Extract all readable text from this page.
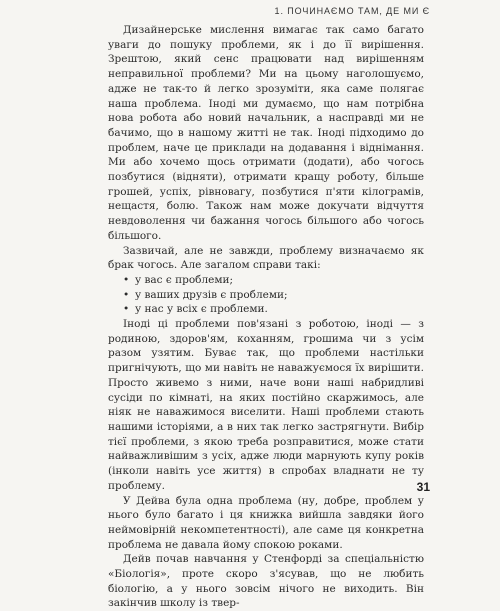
1. ПОЧИНАЄМО ТАМ, ДЕ МИ Є

Дизайнерське мислення вимагає так само багато уваги до пошуку проблеми, як і до її вирішення. Зрештою, який сенс працювати над вирішенням неправильної проблеми? Ми на цьому наголошуємо, адже не так-то й легко зрозуміти, яка саме полягає наша проблема. Іноді ми думаємо, що нам потрібна нова робота або новий начальник, а насправді ми не бачимо, що в нашому житті не так. Іноді підходимо до проблем, наче це приклади на додавання і віднімання. Ми або хочемо щось отримати (додати), або чогось позбутися (відняти), отримати кращу роботу, більше грошей, успіх, рівновагу, позбутися п'яти кілограмів, нещастя, болю. Також нам може докучати відчуття невдоволення чи бажання чогось більшого або чогось більшого.

Зазвичай, але не завжди, проблему визначаємо як брак чогось. Але загалом справи такі:

• у вас є проблеми;
• у ваших друзів є проблеми;
• у нас у всіх є проблеми.

Іноді ці проблеми пов'язані з роботою, іноді — з родиною, здоров'ям, коханням, грошима чи з усім разом узятим. Буває так, що проблеми настільки пригнічують, що ми навіть не наважуємося їх вирішити. Просто живемо з ними, наче вони наші набридливі сусіди по кімнаті, на яких постійно скаржимось, але ніяк не наважимося виселити. Наші проблеми стають нашими історіями, а в них так легко застрягнути. Вибір тієї проблеми, з якою треба розправитися, може стати найважливішим з усіх, адже люди марнують купу років (інколи навіть усе життя) в спробах владнати не ту проблему.

У Дейва була одна проблема (ну, добре, проблем у нього було багато і ця книжка вийшла завдяки його неймовірній некомпетентності), але саме ця конкретна проблема не давала йому спокою роками.

Дейв почав навчання у Стенфорді за спеціальністю «Біологія», проте скоро з'ясував, що не любить біологію, а у нього зовсім нічого не виходить. Він закінчив школу із твер-

31
